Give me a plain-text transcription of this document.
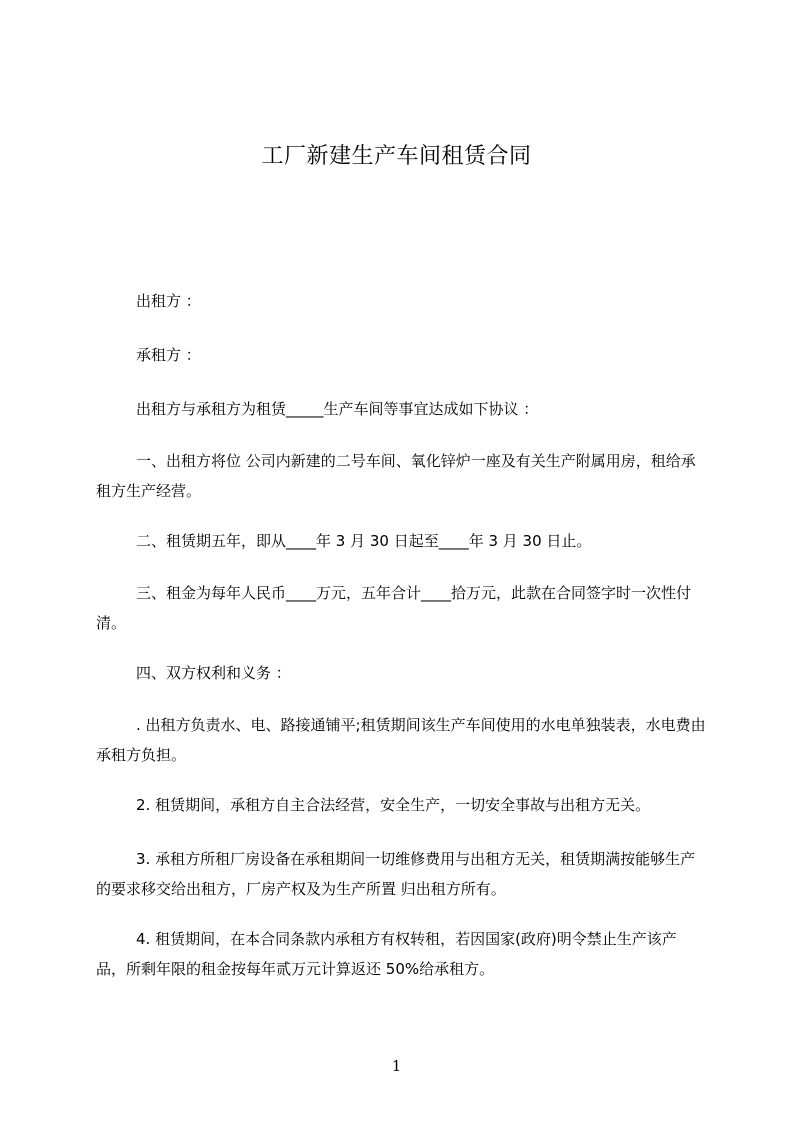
工厂新建生产车间租赁合同

出租方 ：

承租方 ：

出租方与承租方为租赁_____生产车间等事宜达成如下协议 ：

一、出租方将位 公司内新建的二号车间、氧化锌炉一座及有关生产附属用房，租给承租方生产经营。

二、租赁期五年，即从____年 3 月 30 日起至____年 3 月 30 日止。

三、租金为每年人民币____万元，五年合计____拾万元，此款在合同签字时一次性付清。

四、双方权利和义务 ：

. 出租方负责水、电、路接通铺平;租赁期间该生产车间使用的水电单独装表，水电费由承租方负担。

2. 租赁期间，承租方自主合法经营，安全生产，一切安全事故与出租方无关。

3. 承租方所租厂房设备在承租期间一切维修费用与出租方无关，租赁期满按能够生产的要求移交给出租方，厂房产权及为生产所置 归出租方所有。

4. 租赁期间，在本合同条款内承租方有权转租，若因国家(政府)明令禁止生产该产品，所剩年限的租金按每年贰万元计算返还 50%给承租方。

1
